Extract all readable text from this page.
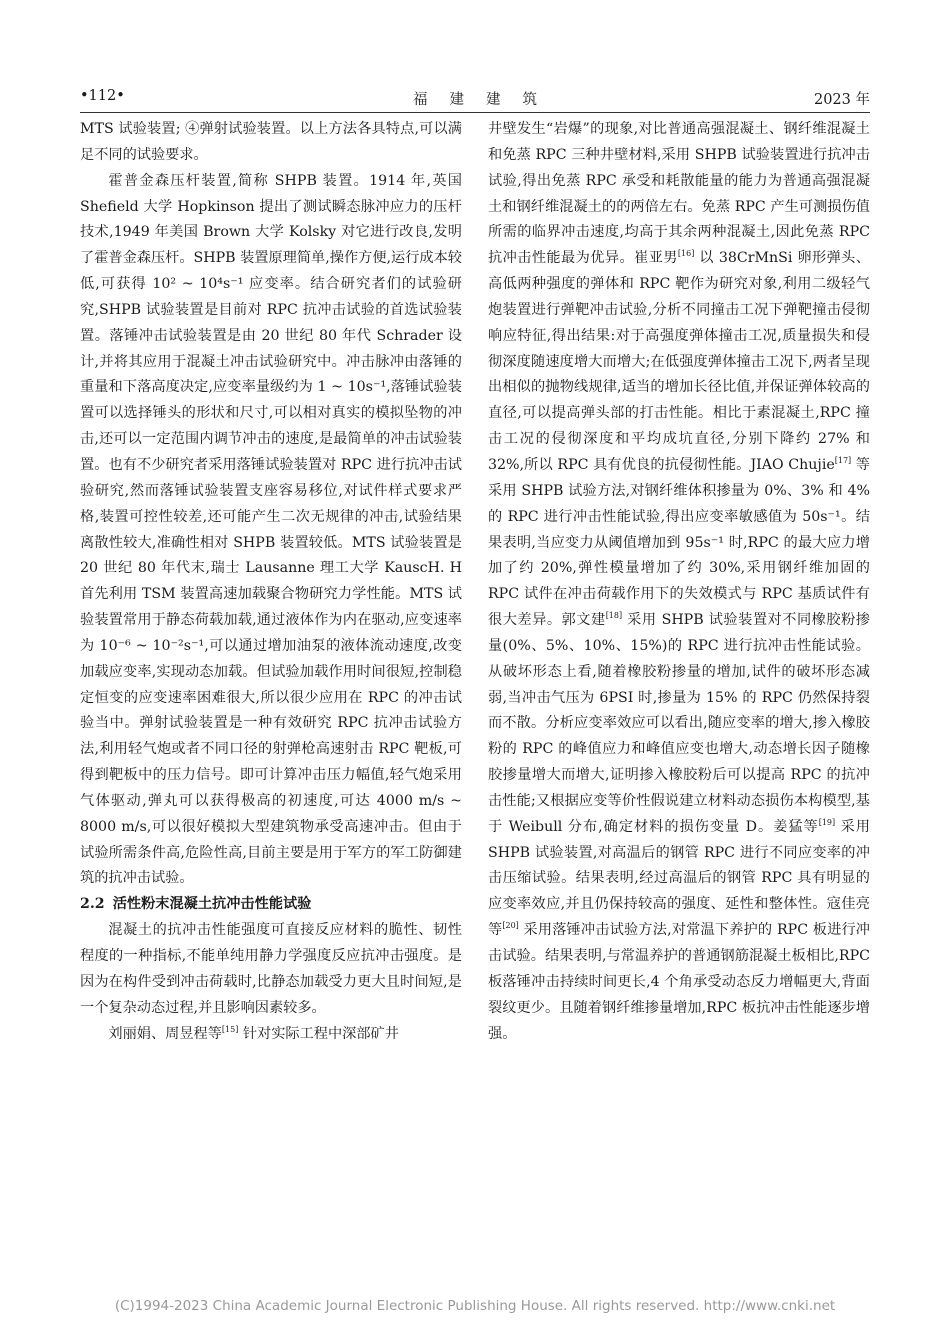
•112•	福建建筑	2023 年

MTS 试验装置; ④弹射试验装置。以上方法各具特点,可以满足不同的试验要求。

霍普金森压杆装置,简称 SHPB 装置。1914 年,英国 Shefield 大学 Hopkinson 提出了测试瞬态脉冲应力的压杆技术,1949 年美国 Brown 大学 Kolsky 对它进行改良,发明了霍普金森压杆。SHPB 装置原理简单,操作方便,运行成本较低,可获得 10² ~ 10⁴s⁻¹ 应变率。结合研究者们的试验研究,SHPB 试验装置是目前对 RPC 抗冲击试验的首选试验装置。落锤冲击试验装置是由 20 世纪 80 年代 Schrader 设计,并将其应用于混凝土冲击试验研究中。冲击脉冲由落锤的重量和下落高度决定,应变率量级约为 1 ~ 10s⁻¹,落锤试验装置可以选择锤头的形状和尺寸,可以相对真实的模拟坠物的冲击,还可以一定范围内调节冲击的速度,是最简单的冲击试验装置。也有不少研究者采用落锤试验装置对 RPC 进行抗冲击试验研究,然而落锤试验装置支座容易移位,对试件样式要求严格,装置可控性较差,还可能产生二次无规律的冲击,试验结果离散性较大,准确性相对 SHPB 装置较低。MTS 试验装置是 20 世纪 80 年代末,瑞士 Lausanne 理工大学 KauscH. H 首先利用 TSM 装置高速加载聚合物研究力学性能。MTS 试验装置常用于静态荷载加载,通过液体作为内在驱动,应变速率为 10⁻⁶ ~ 10⁻²s⁻¹,可以通过增加油泵的液体流动速度,改变加载应变率,实现动态加载。但试验加载作用时间很短,控制稳定恒变的应变速率困难很大,所以很少应用在 RPC 的冲击试验当中。弹射试验装置是一种有效研究 RPC 抗冲击试验方法,利用轻气炮或者不同口径的射弹枪高速射击 RPC 靶板,可得到靶板中的压力信号。即可计算冲击压力幅值,轻气炮采用气体驱动,弹丸可以获得极高的初速度,可达 4000 m/s ~ 8000 m/s,可以很好模拟大型建筑物承受高速冲击。但由于试验所需条件高,危险性高,目前主要是用于军方的军工防御建筑的抗冲击试验。

2.2 活性粉末混凝土抗冲击性能试验

混凝土的抗冲击性能强度可直接反应材料的脆性、韧性程度的一种指标,不能单纯用静力学强度反应抗冲击强度。是因为在构件受到冲击荷载时,比静态加载受力更大且时间短,是一个复杂动态过程,并且影响因素较多。

刘丽娟、周昱程等[15] 针对实际工程中深部矿井

井壁发生“岩爆”的现象,对比普通高强混凝土、钢纤维混凝土和免蒸 RPC 三种井壁材料,采用 SHPB 试验装置进行抗冲击试验,得出免蒸 RPC 承受和耗散能量的能力为普通高强混凝土和钢纤维混凝土的的两倍左右。免蒸 RPC 产生可测损伤值所需的临界冲击速度,均高于其余两种混凝土,因此免蒸 RPC 抗冲击性能最为优异。崔亚男[16] 以 38CrMnSi 卵形弹头、高低两种强度的弹体和 RPC 靶作为研究对象,利用二级轻气炮装置进行弹靶冲击试验,分析不同撞击工况下弹靶撞击侵彻响应特征,得出结果:对于高强度弹体撞击工况,质量损失和侵彻深度随速度增大而增大;在低强度弹体撞击工况下,两者呈现出相似的抛物线规律,适当的增加长径比值,并保证弹体较高的直径,可以提高弹头部的打击性能。相比于素混凝土,RPC 撞击工况的侵彻深度和平均成坑直径,分别下降约 27% 和 32%,所以 RPC 具有优良的抗侵彻性能。JIAO Chujie[17] 等采用 SHPB 试验方法,对钢纤维体积掺量为 0%、3% 和 4% 的 RPC 进行冲击性能试验,得出应变率敏感值为 50s⁻¹。结果表明,当应变力从阈值增加到 95s⁻¹ 时,RPC 的最大应力增加了约 20%,弹性模量增加了约 30%,采用钢纤维加固的 RPC 试件在冲击荷载作用下的失效模式与 RPC 基质试件有很大差异。郭文建[18] 采用 SHPB 试验装置对不同橡胶粉掺量(0%、5%、10%、15%)的 RPC 进行抗冲击性能试验。从破坏形态上看,随着橡胶粉掺量的增加,试件的破坏形态减弱,当冲击气压为 6PSI 时,掺量为 15% 的 RPC 仍然保持裂而不散。分析应变率效应可以看出,随应变率的增大,掺入橡胶粉的 RPC 的峰值应力和峰值应变也增大,动态增长因子随橡胶掺量增大而增大,证明掺入橡胶粉后可以提高 RPC 的抗冲击性能;又根据应变等价性假说建立材料动态损伤本构模型,基于 Weibull 分布,确定材料的损伤变量 D。姜猛等[19] 采用 SHPB 试验装置,对高温后的钢管 RPC 进行不同应变率的冲击压缩试验。结果表明,经过高温后的钢管 RPC 具有明显的应变率效应,并且仍保持较高的强度、延性和整体性。寇佳亮等[20] 采用落锤冲击试验方法,对常温下养护的 RPC 板进行冲击试验。结果表明,与常温养护的普通钢筋混凝土板相比,RPC 板落锤冲击持续时间更长,4 个角承受动态反力增幅更大,背面裂纹更少。且随着钢纤维掺量增加,RPC 板抗冲击性能逐步增强。

(C)1994-2023 China Academic Journal Electronic Publishing House. All rights reserved. http://www.cnki.net
